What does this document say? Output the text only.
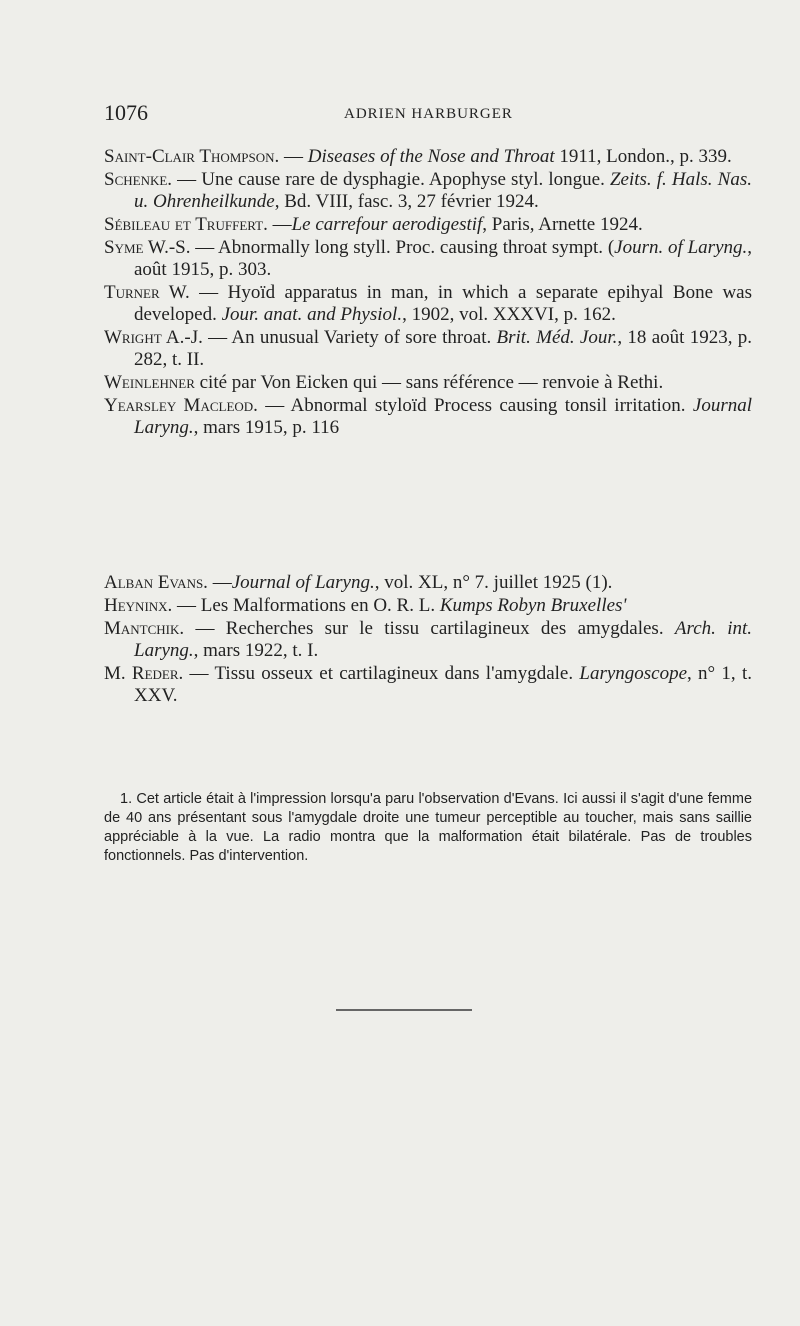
1076	ADRIEN HARBURGER
Saint-Clair Thompson. — Diseases of the Nose and Throat 1911, London., p. 339.
Schenke. — Une cause rare de dysphagie. Apophyse styl. longue. Zeits. f. Hals. Nas. u. Ohrenheilkunde, Bd. VIII, fasc. 3, 27 février 1924.
Sébileau et Truffert. —Le carrefour aerodigestif, Paris, Arnette 1924.
Syme W.-S. — Abnormally long styll. Proc. causing throat sympt. (Journ. of Laryng., août 1915, p. 303.
Turner W. — Hyoïd apparatus in man, in which a separate epihyal Bone was developed. Jour. anat. and Physiol., 1902, vol. XXXVI, p. 162.
Wright A.-J. — An unusual Variety of sore throat. Brit. Méd. Jour., 18 août 1923, p. 282, t. II.
Weinlehner cité par Von Eicken qui — sans référence — renvoie à Rethi.
Yearsley Macleod. — Abnormal styloïd Process causing tonsil irritation. Journal Laryng., mars 1915, p. 116
Alban Evans. —Journal of Laryng., vol. XL, n° 7. juillet 1925 (1).
Heyninx. — Les Malformations en O. R. L. Kumps Robyn Bruxelles'
Mantchik. — Recherches sur le tissu cartilagineux des amygdales. Arch. int. Laryng., mars 1922, t. I.
M. Reder. — Tissu osseux et cartilagineux dans l'amygdale. Laryngoscope, n° 1, t. XXV.
1. Cet article était à l'impression lorsqu'a paru l'observation d'Evans. Ici aussi il s'agit d'une femme de 40 ans présentant sous l'amygdale droite une tumeur perceptible au toucher, mais sans saillie appréciable à la vue. La radio montra que la malformation était bilatérale. Pas de troubles fonctionnels. Pas d'intervention.
